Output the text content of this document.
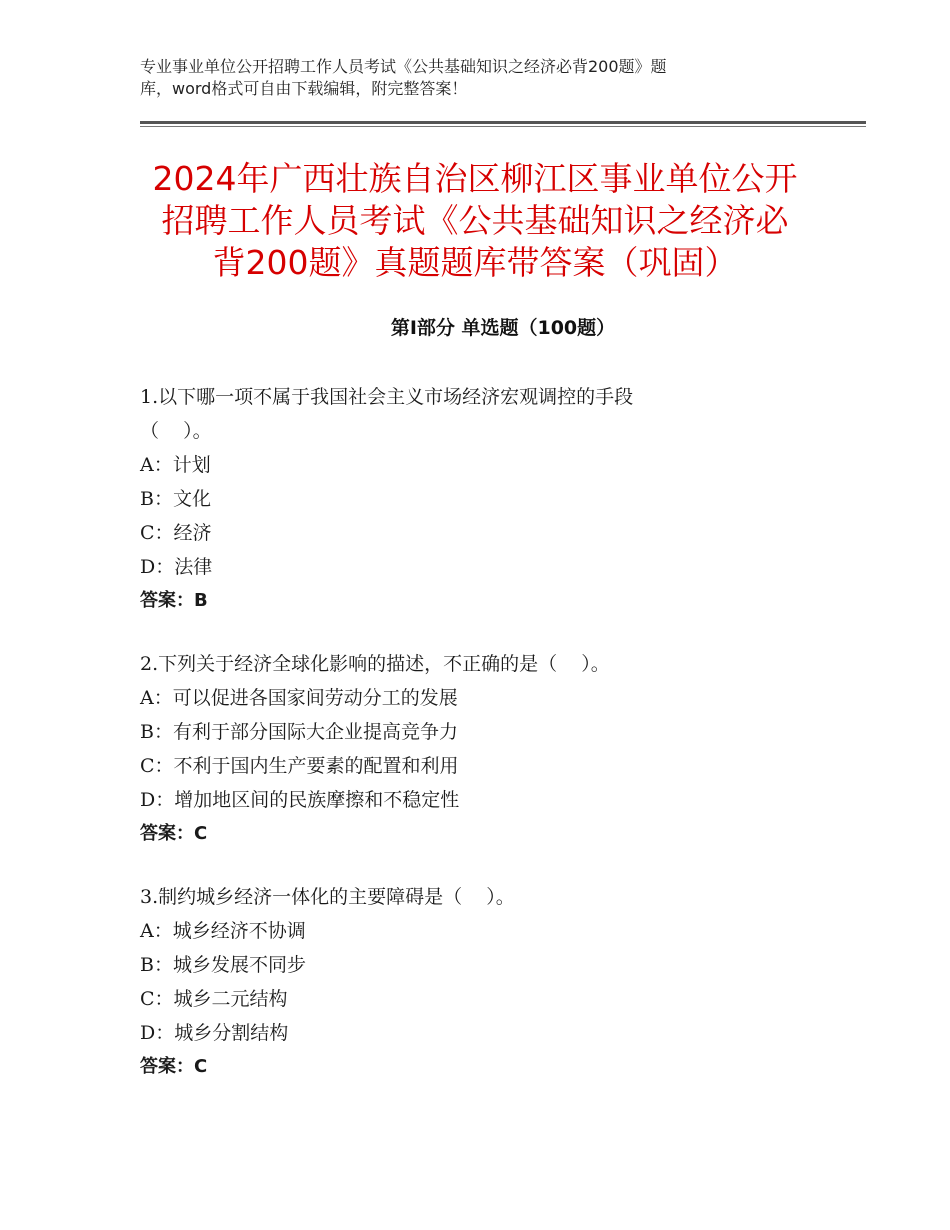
专业事业单位公开招聘工作人员考试《公共基础知识之经济必背200题》题
库，word格式可自由下载编辑，附完整答案！
2024年广西壮族自治区柳江区事业单位公开
招聘工作人员考试《公共基础知识之经济必
背200题》真题题库带答案（巩固）
第Ⅰ部分 单选题（100题）
1.以下哪一项不属于我国社会主义市场经济宏观调控的手段
（    ）。
A：计划
B：文化
C：经济
D：法律
答案：B
2.下列关于经济全球化影响的描述，不正确的是（    ）。
A：可以促进各国家间劳动分工的发展
B：有利于部分国际大企业提高竞争力
C：不利于国内生产要素的配置和利用
D：增加地区间的民族摩擦和不稳定性
答案：C
3.制约城乡经济一体化的主要障碍是（    ）。
A：城乡经济不协调
B：城乡发展不同步
C：城乡二元结构
D：城乡分割结构
答案：C
